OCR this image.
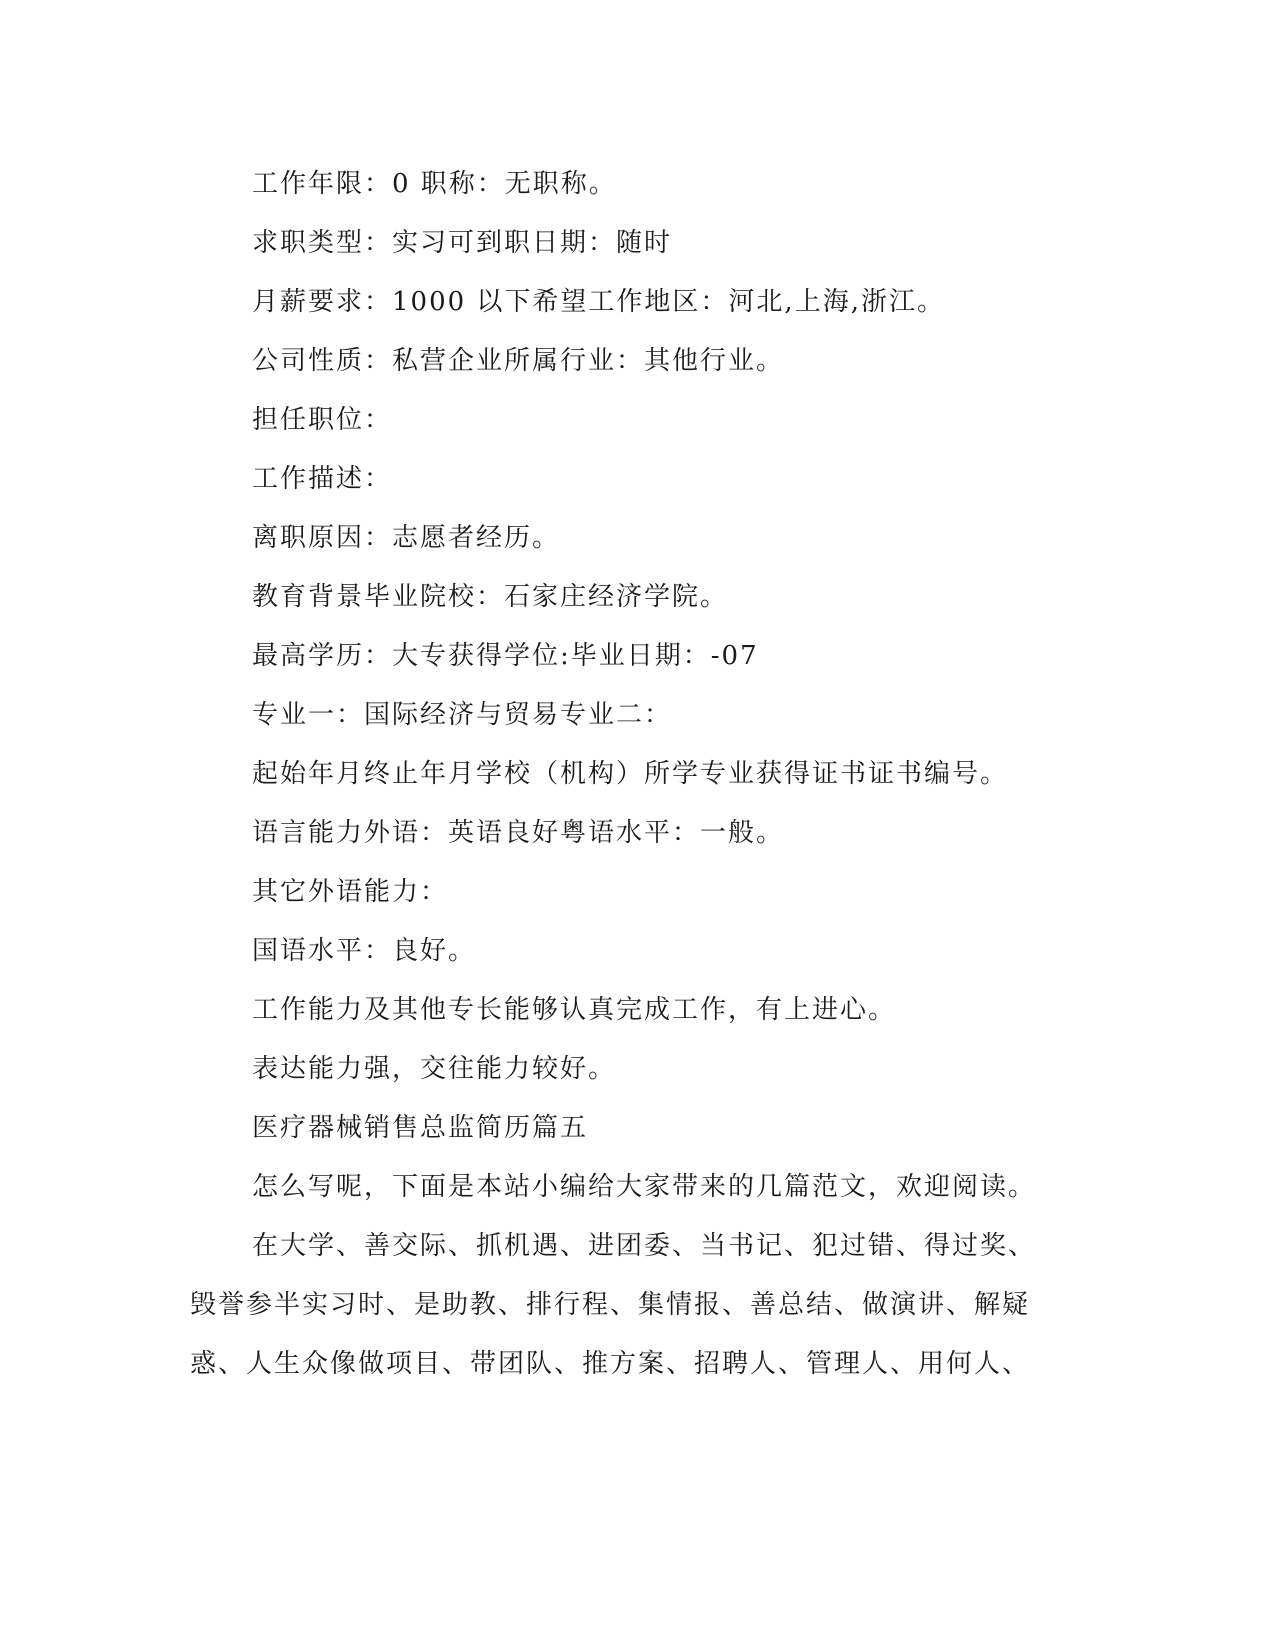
工作年限：0 职称：无职称。
求职类型：实习可到职日期：随时
月薪要求：1000 以下希望工作地区：河北,上海,浙江。
公司性质：私营企业所属行业：其他行业。
担任职位：
工作描述：
离职原因：志愿者经历。
教育背景毕业院校：石家庄经济学院。
最高学历：大专获得学位:毕业日期：-07
专业一：国际经济与贸易专业二：
起始年月终止年月学校（机构）所学专业获得证书证书编号。
语言能力外语：英语良好粤语水平：一般。
其它外语能力：
国语水平：良好。
工作能力及其他专长能够认真完成工作，有上进心。
表达能力强，交往能力较好。
医疗器械销售总监简历篇五
怎么写呢，下面是本站小编给大家带来的几篇范文，欢迎阅读。
在大学、善交际、抓机遇、进团委、当书记、犯过错、得过奖、
毁誉参半实习时、是助教、排行程、集情报、善总结、做演讲、解疑
惑、人生众像做项目、带团队、推方案、招聘人、管理人、用何人、
